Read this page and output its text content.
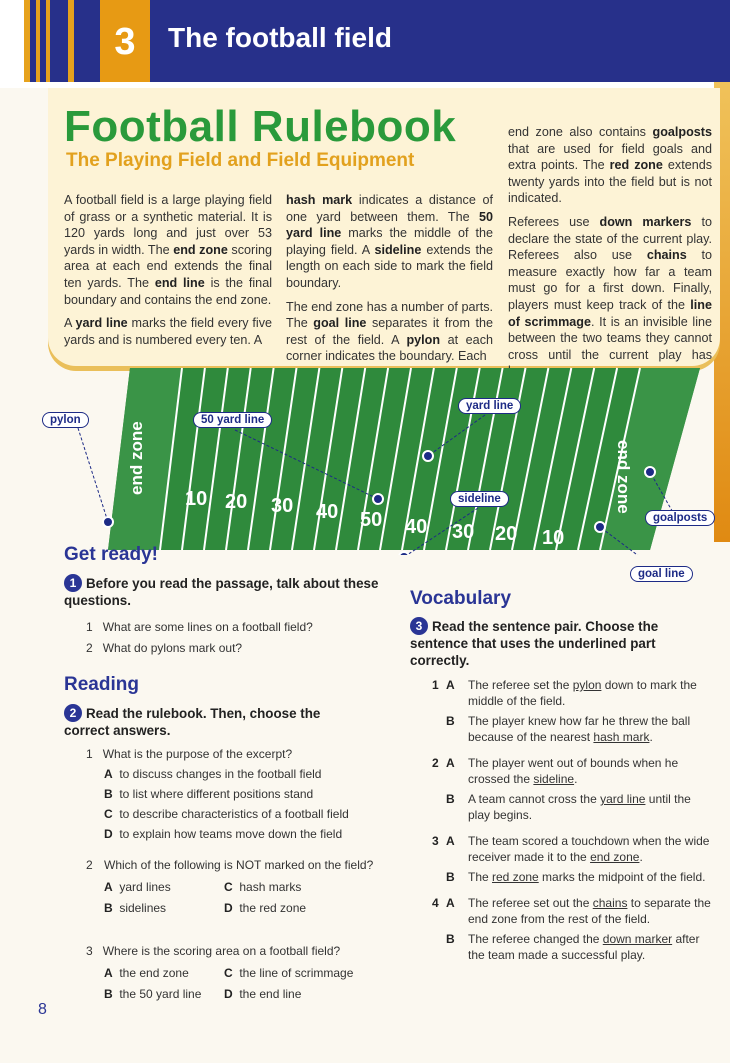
3	The football field
Football Rulebook
The Playing Field and Field Equipment

A football field is a large playing field of grass or a synthetic material. It is 120 yards long and just over 53 yards in width. The end zone scoring area at each end extends the final ten yards. The end line is the final boundary and contains the end zone.

A yard line marks the field every five yards and is numbered every ten. A

hash mark indicates a distance of one yard between them. The 50 yard line marks the middle of the playing field. A sideline extends the length on each side to mark the field boundary.

The end zone has a number of parts. The goal line separates it from the rest of the field. A pylon at each corner indicates the boundary. Each

end zone also contains goalposts that are used for field goals and extra points. The red zone extends twenty yards into the field but is not indicated.

Referees use down markers to declare the state of the current play. Referees also use chains to measure exactly how far a team must go for a first down. Finally, players must keep track of the line of scrimmage. It is an invisible line between the two teams they cannot cross until the current play has

10 20 30 40 50 40 30 20 10
end zone	end zone
pylon	50 yard line
yard line
sideline
goalposts
goal line
Get ready!
1 Before you read the passage, talk about these questions.
1 What are some lines on a football field?
2 What do pylons mark out?
Reading
2 Read the rulebook. Then, choose the correct answers.
1 What is the purpose of the excerpt?
A to discuss changes in the football field
B to list where different positions stand
C to describe characteristics of a football field
D to explain how teams move down the field
2 Which of the following is NOT marked on the field?
A yard lines	C hash marks
B sidelines	D the red zone
3 Where is the scoring area on a football field?
A the end zone	C the line of scrimmage
B the 50 yard line	D the end line
Vocabulary
3 Read the sentence pair. Choose the sentence that uses the underlined part correctly.
1 A	The referee set the pylon down to mark the middle of the field.
B	The player knew how far he threw the ball because of the nearest hash mark.
2 A	The player went out of bounds when he crossed the sideline.
B	A team cannot cross the yard line until the play begins.
3 A	The team scored a touchdown when the wide receiver made it to the end zone.
B	The red zone marks the midpoint of the field.
4 A	The referee set out the chains to separate the end zone from the rest of the field.
B	The referee changed the down marker after the team made a successful play.
8
